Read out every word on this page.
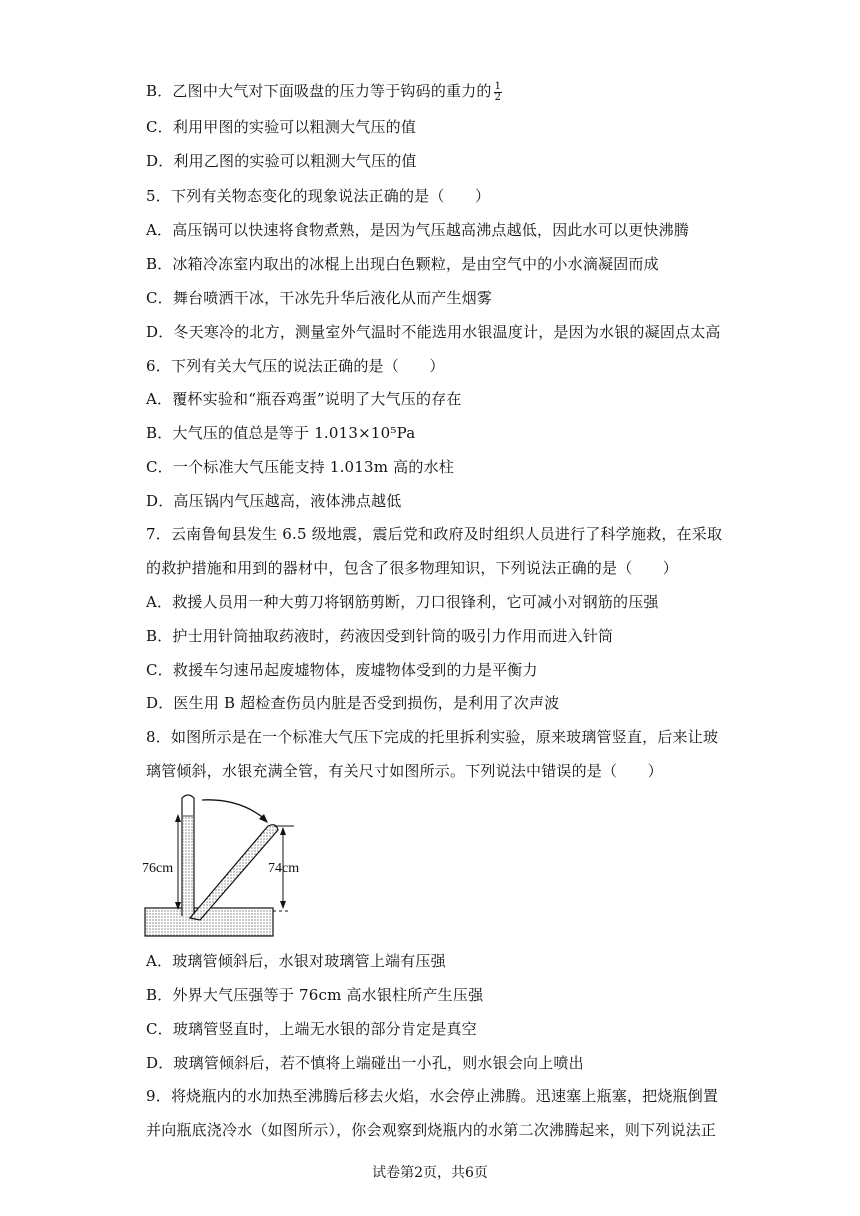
B．乙图中大气对下面吸盘的压力等于钩码的重力的 $\frac{1}{2}$
C．利用甲图的实验可以粗测大气压的值
D．利用乙图的实验可以粗测大气压的值
5．下列有关物态变化的现象说法正确的是（　　）
A．高压锅可以快速将食物煮熟，是因为气压越高沸点越低，因此水可以更快沸腾
B．冰箱冷冻室内取出的冰棍上出现白色颗粒，是由空气中的小水滴凝固而成
C．舞台喷洒干冰，干冰先升华后液化从而产生烟雾
D．冬天寒冷的北方，测量室外气温时不能选用水银温度计，是因为水银的凝固点太高
6．下列有关大气压的说法正确的是（　　）
A．覆杯实验和“瓶吞鸡蛋”说明了大气压的存在
B．大气压的值总是等于 1.013×10⁵Pa
C．一个标准大气压能支持 1.013m 高的水柱
D．高压锅内气压越高，液体沸点越低
7．云南鲁甸县发生 6.5 级地震，震后党和政府及时组织人员进行了科学施救，在采取
的救护措施和用到的器材中，包含了很多物理知识，下列说法正确的是（　　）
A．救援人员用一种大剪刀将钢筋剪断，刀口很锋利，它可减小对钢筋的压强
B．护士用针筒抽取药液时，药液因受到针筒的吸引力作用而进入针筒
C．救援车匀速吊起废墟物体，废墟物体受到的力是平衡力
D．医生用 B 超检查伤员内脏是否受到损伤，是利用了次声波
8．如图所示是在一个标准大气压下完成的托里拆利实验，原来玻璃管竖直，后来让玻
璃管倾斜，水银充满全管，有关尺寸如图所示。下列说法中错误的是（　　）
A．玻璃管倾斜后，水银对玻璃管上端有压强
B．外界大气压强等于 76cm 高水银柱所产生压强
C．玻璃管竖直时，上端无水银的部分肯定是真空
D．玻璃管倾斜后，若不慎将上端碰出一小孔，则水银会向上喷出
9．将烧瓶内的水加热至沸腾后移去火焰，水会停止沸腾。迅速塞上瓶塞，把烧瓶倒置
并向瓶底浇冷水（如图所示），你会观察到烧瓶内的水第二次沸腾起来，则下列说法正
76cm	74cm
试卷第2页，共6页
